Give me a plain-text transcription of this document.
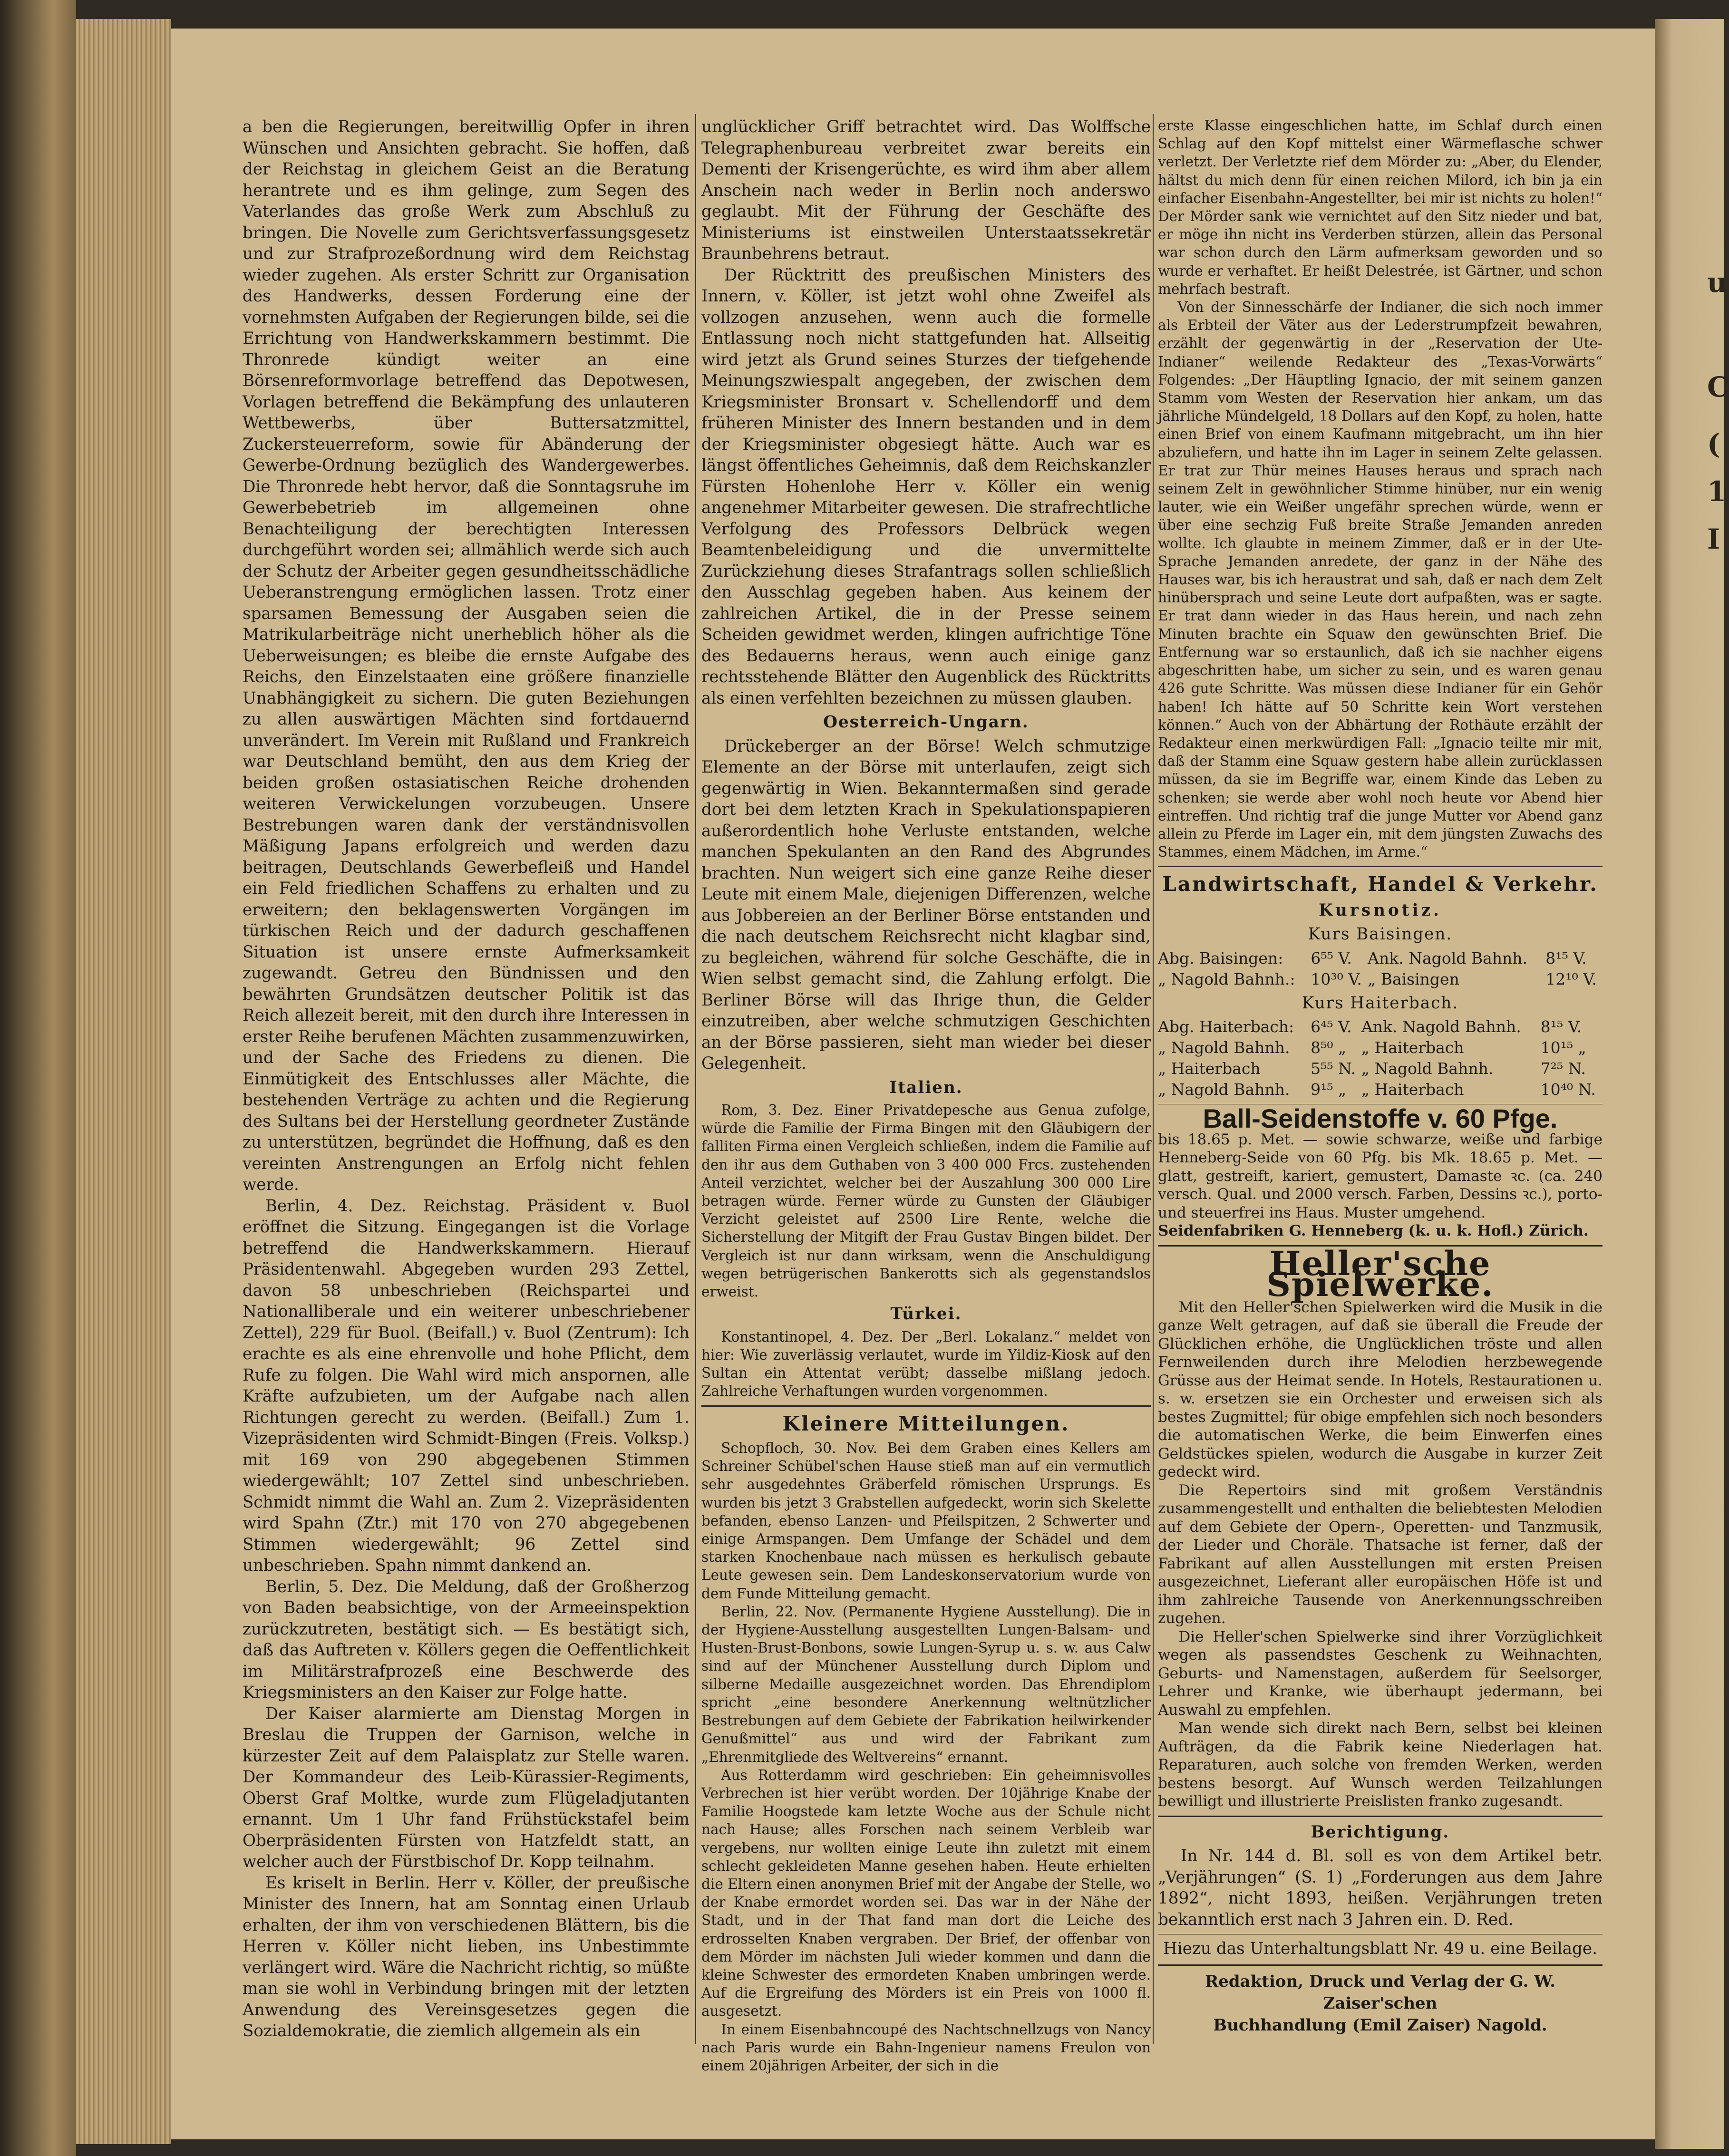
u
C
(
1
I

a ben die Regierungen, bereitwillig Opfer in ihren Wünschen und Ansichten gebracht. Sie hoffen, daß der Reichstag in gleichem Geist an die Beratung herantrete und es ihm gelinge, zum Segen des Vaterlandes das große Werk zum Abschluß zu bringen. Die Novelle zum Gerichtsverfassungsgesetz und zur Strafprozeßordnung wird dem Reichstag wieder zugehen. Als erster Schritt zur Organisation des Handwerks, dessen Forderung eine der vornehmsten Aufgaben der Regierungen bilde, sei die Errichtung von Handwerkskammern bestimmt. Die Thronrede kündigt weiter an eine Börsenreformvorlage betreffend das Depotwesen, Vorlagen betreffend die Bekämpfung des unlauteren Wettbewerbs, über Buttersatzmittel, Zuckersteuerreform, sowie für Abänderung der Gewerbe-Ordnung bezüglich des Wandergewerbes. Die Thronrede hebt hervor, daß die Sonntagsruhe im Gewerbebetrieb im allgemeinen ohne Benachteiligung der berechtigten Interessen durchgeführt worden sei; allmählich werde sich auch der Schutz der Arbeiter gegen gesundheitsschädliche Ueberanstrengung ermöglichen lassen. Trotz einer sparsamen Bemessung der Ausgaben seien die Matrikularbeiträge nicht unerheblich höher als die Ueberweisungen; es bleibe die ernste Aufgabe des Reichs, den Einzelstaaten eine größere finanzielle Unabhängigkeit zu sichern. Die guten Beziehungen zu allen auswärtigen Mächten sind fortdauernd unverändert. Im Verein mit Rußland und Frankreich war Deutschland bemüht, den aus dem Krieg der beiden großen ostasiatischen Reiche drohenden weiteren Verwickelungen vorzubeugen. Unsere Bestrebungen waren dank der verständnisvollen Mäßigung Japans erfolgreich und werden dazu beitragen, Deutschlands Gewerbefleiß und Handel ein Feld friedlichen Schaffens zu erhalten und zu erweitern; den beklagenswerten Vorgängen im türkischen Reich und der dadurch geschaffenen Situation ist unsere ernste Aufmerksamkeit zugewandt. Getreu den Bündnissen und den bewährten Grundsätzen deutscher Politik ist das Reich allezeit bereit, mit den durch ihre Interessen in erster Reihe berufenen Mächten zusammenzuwirken, und der Sache des Friedens zu dienen. Die Einmütigkeit des Entschlusses aller Mächte, die bestehenden Verträge zu achten und die Regierung des Sultans bei der Herstellung geordneter Zustände zu unterstützen, begründet die Hoffnung, daß es den vereinten Anstrengungen an Erfolg nicht fehlen werde.

Berlin, 4. Dez. Reichstag. Präsident v. Buol eröffnet die Sitzung. Eingegangen ist die Vorlage betreffend die Handwerkskammern. Hierauf Präsidentenwahl. Abgegeben wurden 293 Zettel, davon 58 unbeschrieben (Reichspartei und Nationalliberale und ein weiterer unbeschriebener Zettel), 229 für Buol. (Beifall.) v. Buol (Zentrum): Ich erachte es als eine ehrenvolle und hohe Pflicht, dem Rufe zu folgen. Die Wahl wird mich anspornen, alle Kräfte aufzubieten, um der Aufgabe nach allen Richtungen gerecht zu werden. (Beifall.) Zum 1. Vizepräsidenten wird Schmidt-Bingen (Freis. Volksp.) mit 169 von 290 abgegebenen Stimmen wiedergewählt; 107 Zettel sind unbeschrieben. Schmidt nimmt die Wahl an. Zum 2. Vizepräsidenten wird Spahn (Ztr.) mit 170 von 270 abgegebenen Stimmen wiedergewählt; 96 Zettel sind unbeschrieben. Spahn nimmt dankend an.

Berlin, 5. Dez. Die Meldung, daß der Großherzog von Baden beabsichtige, von der Armeeinspektion zurückzutreten, bestätigt sich. — Es bestätigt sich, daß das Auftreten v. Köllers gegen die Oeffentlichkeit im Militärstrafprozeß eine Beschwerde des Kriegsministers an den Kaiser zur Folge hatte.

Der Kaiser alarmierte am Dienstag Morgen in Breslau die Truppen der Garnison, welche in kürzester Zeit auf dem Palaisplatz zur Stelle waren. Der Kommandeur des Leib-Kürassier-Regiments, Oberst Graf Moltke, wurde zum Flügeladjutanten ernannt. Um 1 Uhr fand Frühstückstafel beim Oberpräsidenten Fürsten von Hatzfeldt statt, an welcher auch der Fürstbischof Dr. Kopp teilnahm.

Es kriselt in Berlin. Herr v. Köller, der preußische Minister des Innern, hat am Sonntag einen Urlaub erhalten, der ihm von verschiedenen Blättern, bis die Herren v. Köller nicht lieben, ins Unbestimmte verlängert wird. Wäre die Nachricht richtig, so müßte man sie wohl in Verbindung bringen mit der letzten Anwendung des Vereinsgesetzes gegen die Sozialdemokratie, die ziemlich allgemein als ein

unglücklicher Griff betrachtet wird. Das Wolffsche Telegraphenbureau verbreitet zwar bereits ein Dementi der Krisengerüchte, es wird ihm aber allem Anschein nach weder in Berlin noch anderswo geglaubt. Mit der Führung der Geschäfte des Ministeriums ist einstweilen Unterstaatssekretär Braunbehrens betraut.

Der Rücktritt des preußischen Ministers des Innern, v. Köller, ist jetzt wohl ohne Zweifel als vollzogen anzusehen, wenn auch die formelle Entlassung noch nicht stattgefunden hat. Allseitig wird jetzt als Grund seines Sturzes der tiefgehende Meinungszwiespalt angegeben, der zwischen dem Kriegsminister Bronsart v. Schellendorff und dem früheren Minister des Innern bestanden und in dem der Kriegsminister obgesiegt hätte. Auch war es längst öffentliches Geheimnis, daß dem Reichskanzler Fürsten Hohenlohe Herr v. Köller ein wenig angenehmer Mitarbeiter gewesen. Die strafrechtliche Verfolgung des Professors Delbrück wegen Beamtenbeleidigung und die unvermittelte Zurückziehung dieses Strafantrags sollen schließlich den Ausschlag gegeben haben. Aus keinem der zahlreichen Artikel, die in der Presse seinem Scheiden gewidmet werden, klingen aufrichtige Töne des Bedauerns heraus, wenn auch einige ganz rechtsstehende Blätter den Augenblick des Rücktritts als einen verfehlten bezeichnen zu müssen glauben.

Oesterreich-Ungarn.

Drückeberger an der Börse! Welch schmutzige Elemente an der Börse mit unterlaufen, zeigt sich gegenwärtig in Wien. Bekanntermaßen sind gerade dort bei dem letzten Krach in Spekulationspapieren außerordentlich hohe Verluste entstanden, welche manchen Spekulanten an den Rand des Abgrundes brachten. Nun weigert sich eine ganze Reihe dieser Leute mit einem Male, diejenigen Differenzen, welche aus Jobbereien an der Berliner Börse entstanden und die nach deutschem Reichsrecht nicht klagbar sind, zu begleichen, während für solche Geschäfte, die in Wien selbst gemacht sind, die Zahlung erfolgt. Die Berliner Börse will das Ihrige thun, die Gelder einzutreiben, aber welche schmutzigen Geschichten an der Börse passieren, sieht man wieder bei dieser Gelegenheit.

Italien.

Rom, 3. Dez. Einer Privatdepesche aus Genua zufolge, würde die Familie der Firma Bingen mit den Gläubigern der falliten Firma einen Vergleich schließen, indem die Familie auf den ihr aus dem Guthaben von 3 400 000 Frcs. zustehenden Anteil verzichtet, welcher bei der Auszahlung 300 000 Lire betragen würde. Ferner würde zu Gunsten der Gläubiger Verzicht geleistet auf 2500 Lire Rente, welche die Sicherstellung der Mitgift der Frau Gustav Bingen bildet. Der Vergleich ist nur dann wirksam, wenn die Anschuldigung wegen betrügerischen Bankerotts sich als gegenstandslos erweist.

Türkei.

Konstantinopel, 4. Dez. Der „Berl. Lokalanz.“ meldet von hier: Wie zuverlässig verlautet, wurde im Yildiz-Kiosk auf den Sultan ein Attentat verübt; dasselbe mißlang jedoch. Zahlreiche Verhaftungen wurden vorgenommen.

Kleinere Mitteilungen.

Schopfloch, 30. Nov. Bei dem Graben eines Kellers am Schreiner Schübel'schen Hause stieß man auf ein vermutlich sehr ausgedehntes Gräberfeld römischen Ursprungs. Es wurden bis jetzt 3 Grabstellen aufgedeckt, worin sich Skelette befanden, ebenso Lanzen- und Pfeilspitzen, 2 Schwerter und einige Armspangen. Dem Umfange der Schädel und dem starken Knochenbaue nach müssen es herkulisch gebaute Leute gewesen sein. Dem Landeskonservatorium wurde von dem Funde Mitteilung gemacht.

Berlin, 22. Nov. (Permanente Hygiene Ausstellung). Die in der Hygiene-Ausstellung ausgestellten Lungen-Balsam- und Husten-Brust-Bonbons, sowie Lungen-Syrup u. s. w. aus Calw sind auf der Münchener Ausstellung durch Diplom und silberne Medaille ausgezeichnet worden. Das Ehrendiplom spricht „eine besondere Anerkennung weltnützlicher Bestrebungen auf dem Gebiete der Fabrikation heilwirkender Genußmittel“ aus und wird der Fabrikant zum „Ehrenmitgliede des Weltvereins“ ernannt.

Aus Rotterdamm wird geschrieben: Ein geheimnisvolles Verbrechen ist hier verübt worden. Der 10jährige Knabe der Familie Hoogstede kam letzte Woche aus der Schule nicht nach Hause; alles Forschen nach seinem Verbleib war vergebens, nur wollten einige Leute ihn zuletzt mit einem schlecht gekleideten Manne gesehen haben. Heute erhielten die Eltern einen anonymen Brief mit der Angabe der Stelle, wo der Knabe ermordet worden sei. Das war in der Nähe der Stadt, und in der That fand man dort die Leiche des erdrosselten Knaben vergraben. Der Brief, der offenbar von dem Mörder im nächsten Juli wieder kommen und dann die kleine Schwester des ermordeten Knaben umbringen werde. Auf die Ergreifung des Mörders ist ein Preis von 1000 fl. ausgesetzt.

In einem Eisenbahncoupé des Nachtschnellzugs von Nancy nach Paris wurde ein Bahn-Ingenieur namens Freulon von einem 20jährigen Arbeiter, der sich in die

erste Klasse eingeschlichen hatte, im Schlaf durch einen Schlag auf den Kopf mittelst einer Wärmeflasche schwer verletzt. Der Verletzte rief dem Mörder zu: „Aber, du Elender, hältst du mich denn für einen reichen Milord, ich bin ja ein einfacher Eisenbahn-Angestellter, bei mir ist nichts zu holen!“ Der Mörder sank wie vernichtet auf den Sitz nieder und bat, er möge ihn nicht ins Verderben stürzen, allein das Personal war schon durch den Lärm aufmerksam geworden und so wurde er verhaftet. Er heißt Delestrée, ist Gärtner, und schon mehrfach bestraft.

Von der Sinnesschärfe der Indianer, die sich noch immer als Erbteil der Väter aus der Lederstrumpfzeit bewahren, erzählt der gegenwärtig in der „Reservation der Ute-Indianer“ weilende Redakteur des „Texas-Vorwärts“ Folgendes: „Der Häuptling Ignacio, der mit seinem ganzen Stamm vom Westen der Reservation hier ankam, um das jährliche Mündelgeld, 18 Dollars auf den Kopf, zu holen, hatte einen Brief von einem Kaufmann mitgebracht, um ihn hier abzuliefern, und hatte ihn im Lager in seinem Zelte gelassen. Er trat zur Thür meines Hauses heraus und sprach nach seinem Zelt in gewöhnlicher Stimme hinüber, nur ein wenig lauter, wie ein Weißer ungefähr sprechen würde, wenn er über eine sechzig Fuß breite Straße Jemanden anreden wollte. Ich glaubte in meinem Zimmer, daß er in der Ute-Sprache Jemanden anredete, der ganz in der Nähe des Hauses war, bis ich heraustrat und sah, daß er nach dem Zelt hinübersprach und seine Leute dort aufpaßten, was er sagte. Er trat dann wieder in das Haus herein, und nach zehn Minuten brachte ein Squaw den gewünschten Brief. Die Entfernung war so erstaunlich, daß ich sie nachher eigens abgeschritten habe, um sicher zu sein, und es waren genau 426 gute Schritte. Was müssen diese Indianer für ein Gehör haben! Ich hätte auf 50 Schritte kein Wort verstehen können.“ Auch von der Abhärtung der Rothäute erzählt der Redakteur einen merkwürdigen Fall: „Ignacio teilte mir mit, daß der Stamm eine Squaw gestern habe allein zurücklassen müssen, da sie im Begriffe war, einem Kinde das Leben zu schenken; sie werde aber wohl noch heute vor Abend hier eintreffen. Und richtig traf die junge Mutter vor Abend ganz allein zu Pferde im Lager ein, mit dem jüngsten Zuwachs des Stammes, einem Mädchen, im Arme.“

Landwirtschaft, Handel & Verkehr.
Kursnotiz.
Kurs Baisingen.
Abg. Baisingen:	6⁵⁵ V.	Ank. Nagold Bahnh.	8¹⁵ V.
„ Nagold Bahnh.:	10³⁰ V.	„ Baisingen	12¹⁰ V.
Kurs Haiterbach.
Abg. Haiterbach:	6⁴⁵ V.	Ank. Nagold Bahnh.	8¹⁵ V.
„ Nagold Bahnh.	8⁵⁰ „	„ Haiterbach	10¹⁵ „
„ Haiterbach	5⁵⁵ N.	„ Nagold Bahnh.	7²⁵ N.
„ Nagold Bahnh.	9¹⁵ „	„ Haiterbach	10⁴⁰ N.
Ball-Seidenstoffe v. 60 Pfge.

bis 18.65 p. Met. — sowie schwarze, weiße und farbige Henneberg-Seide von 60 Pfg. bis Mk. 18.65 p. Met. — glatt, gestreift, kariert, gemustert, Damaste ꝛc. (ca. 240 versch. Qual. und 2000 versch. Farben, Dessins ꝛc.), porto- und steuerfrei ins Haus. Muster umgehend.

Seidenfabriken G. Henneberg (k. u. k. Hofl.) Zürich.

Heller'sche Spielwerke.

Mit den Heller'schen Spielwerken wird die Musik in die ganze Welt getragen, auf daß sie überall die Freude der Glücklichen erhöhe, die Unglücklichen tröste und allen Fernweilenden durch ihre Melodien herzbewegende Grüsse aus der Heimat sende. In Hotels, Restaurationen u. s. w. ersetzen sie ein Orchester und erweisen sich als bestes Zugmittel; für obige empfehlen sich noch besonders die automatischen Werke, die beim Einwerfen eines Geldstückes spielen, wodurch die Ausgabe in kurzer Zeit gedeckt wird.

Die Repertoirs sind mit großem Verständnis zusammengestellt und enthalten die beliebtesten Melodien auf dem Gebiete der Opern-, Operetten- und Tanzmusik, der Lieder und Choräle. Thatsache ist ferner, daß der Fabrikant auf allen Ausstellungen mit ersten Preisen ausgezeichnet, Lieferant aller europäischen Höfe ist und ihm zahlreiche Tausende von Anerkennungsschreiben zugehen.

Die Heller'schen Spielwerke sind ihrer Vorzüglichkeit wegen als passendstes Geschenk zu Weihnachten, Geburts- und Namenstagen, außerdem für Seelsorger, Lehrer und Kranke, wie überhaupt jedermann, bei Auswahl zu empfehlen.

Man wende sich direkt nach Bern, selbst bei kleinen Aufträgen, da die Fabrik keine Niederlagen hat. Reparaturen, auch solche von fremden Werken, werden bestens besorgt. Auf Wunsch werden Teilzahlungen bewilligt und illustrierte Preislisten franko zugesandt.

Berichtigung.

In Nr. 144 d. Bl. soll es von dem Artikel betr. „Verjährungen“ (S. 1) „Forderungen aus dem Jahre 1892“, nicht 1893, heißen. Verjährungen treten bekanntlich erst nach 3 Jahren ein. D. Red.

Hiezu das Unterhaltungsblatt Nr. 49 u. eine Beilage.

Redaktion, Druck und Verlag der G. W. Zaiser'schen
Buchhandlung (Emil Zaiser) Nagold.
